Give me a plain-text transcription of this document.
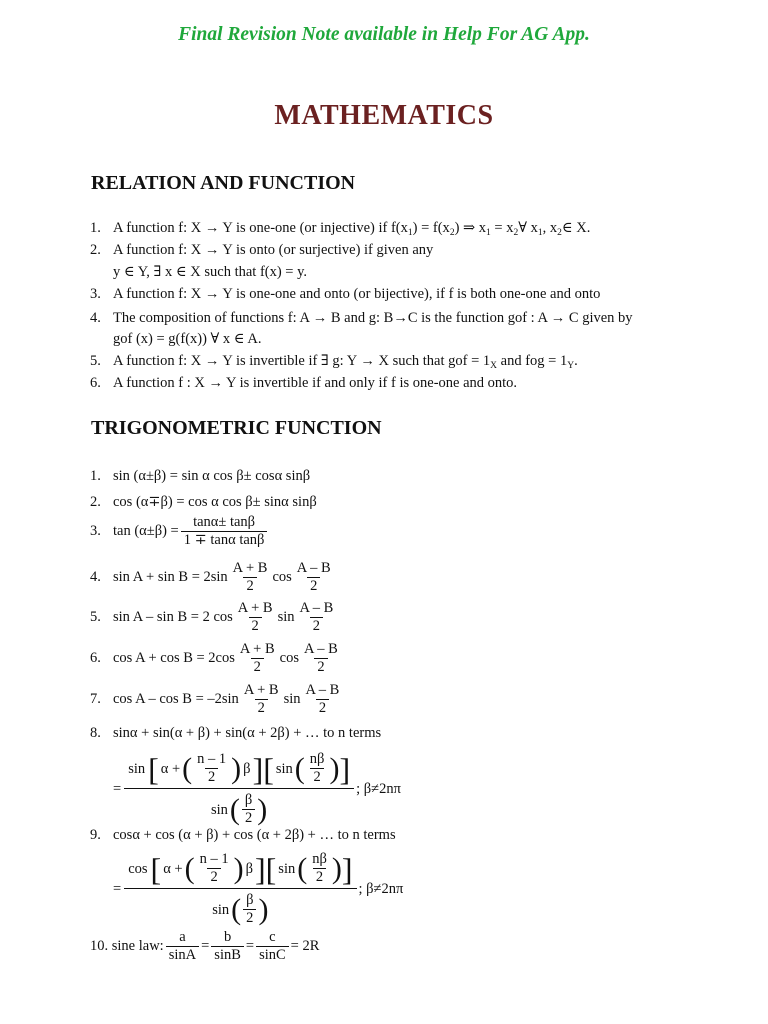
Final Revision Note available in Help For AG App.
MATHEMATICS
RELATION AND FUNCTION
1. A function f: X → Y is one-one (or injective) if $f(x_1) = f(x_2)$ ⇒ $x_1$ = $x_2\forall$ $x_1$, $x_2\in$ X.
2. A function f: X → Y is onto (or surjective) if given any
y ∈ Y, ∃ x ∈ X such that f(x) = y.
3. A function f: X → Y is one-one and onto (or bijective), if f is both one-one and onto
4. The composition of functions f: A → B and g: B→C is the function gof : A → C given by
gof (x) = g(f(x)) ∀ x ∈ A.
5. A function f: X → Y is invertible if ∃ g: Y → X such that gof = $1_X$ and fog = $1_Y$.
6. A function f : X → Y is invertible if and only if f is one-one and onto.
TRIGONOMETRIC FUNCTION
1. sin (α±β) = sin α cos β± cosα sinβ
2. cos (α∓β) = cos α cos β± sinα sinβ
3. $\tan (\alpha\pm\beta) = \frac{\tan\alpha\pm \tan\beta}{\text{1 ∓ tanα tanβ}}$
4. $\sin A + \sin B = 2\sin \frac{A + B}{2}$ $\cos \frac{A - B}{2}$
5. sin A – sin B = 2 $\cos \frac{A + B}{2}$ $\sin \frac{A - B}{2}$
6. $\cos A + \cos B = 2\cos \frac{A + B}{2}$ $\cos \frac{A - B}{2}$
7. $\cos A - \cos B = -2\sin \frac{A + B}{2}$ $\sin \frac{A - B}{2}$
8. sinα + sin(α + β) + sin(α + 2β) + … to n terms
=
sin [ α + ( $\frac{n - 1}{2}$ ) β ] [ sin ( $\frac{n\beta}{2}$ ) ]
sin ( $\frac{\beta}{2}$ )
; β≠2nπ
9. cosα + cos (α + β) + cos (α + 2β) + … to n terms
=
cos [ α + ( $\frac{n - 1}{2}$ ) β ] [ sin ( $\frac{n\beta}{2}$ ) ]
sin ( $\frac{\beta}{2}$ )
; β≠2nπ
10. sine law: $\frac{a}{\sin A} = \frac{b}{\sin B} = \frac{c}{\sin C} = 2R$
